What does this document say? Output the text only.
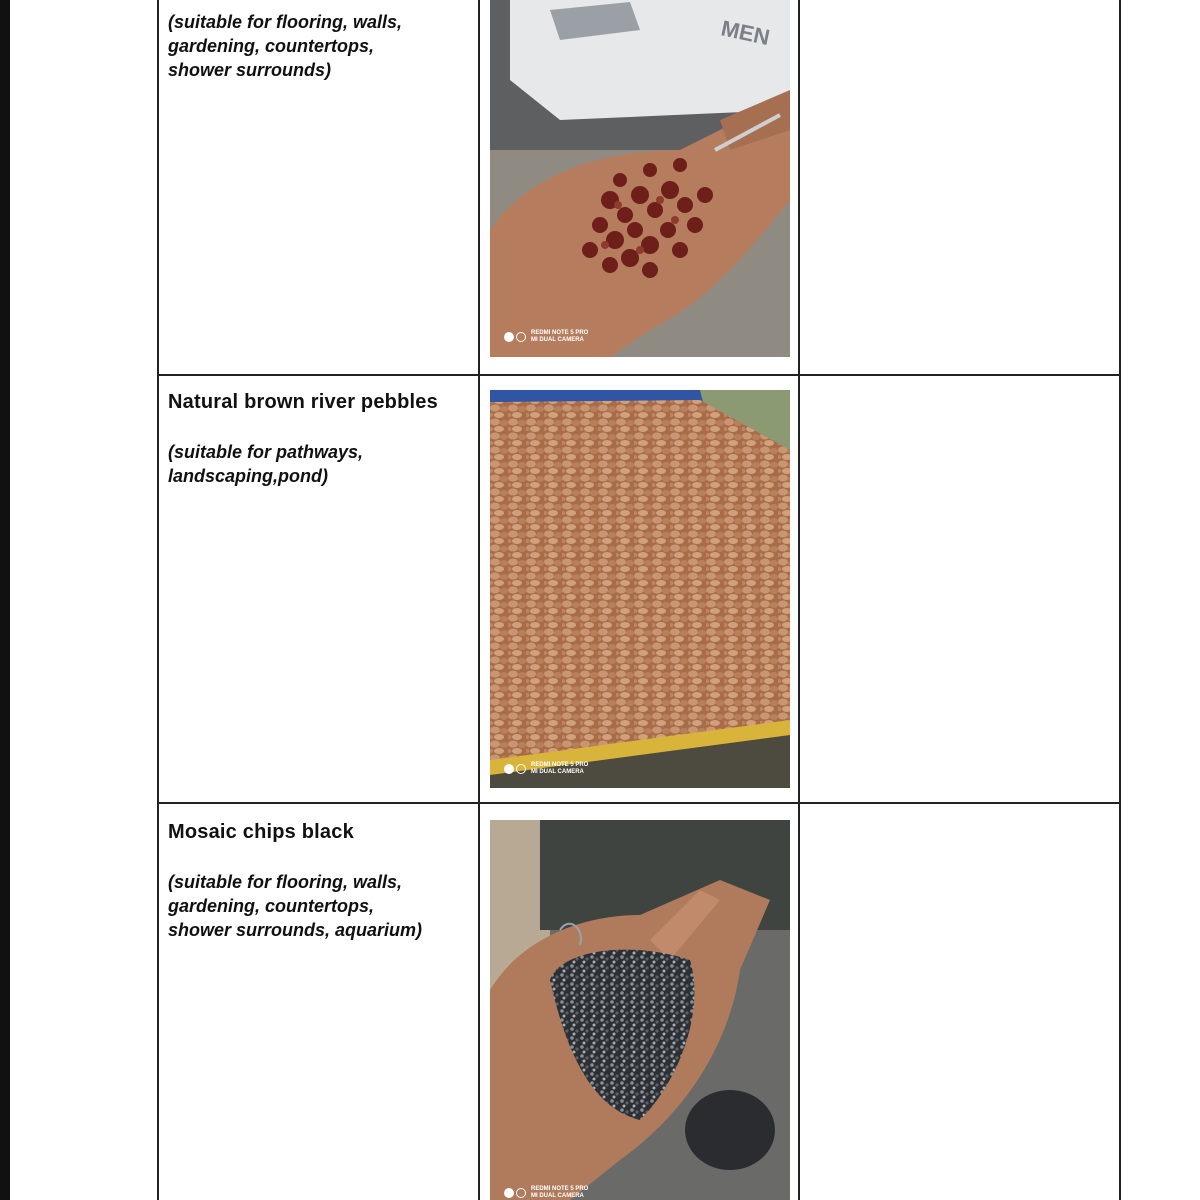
(suitable for flooring, walls,
gardening, countertops,
shower surrounds)

MEN
REDMI NOTE 5 PRO
MI DUAL CAMERA

Natural brown river pebbles

(suitable for pathways,
landscaping,pond)

REDMI NOTE 5 PRO
MI DUAL CAMERA

Mosaic chips black

(suitable for flooring, walls,
gardening, countertops,
shower surrounds, aquarium)

REDMI NOTE 5 PRO
MI DUAL CAMERA
